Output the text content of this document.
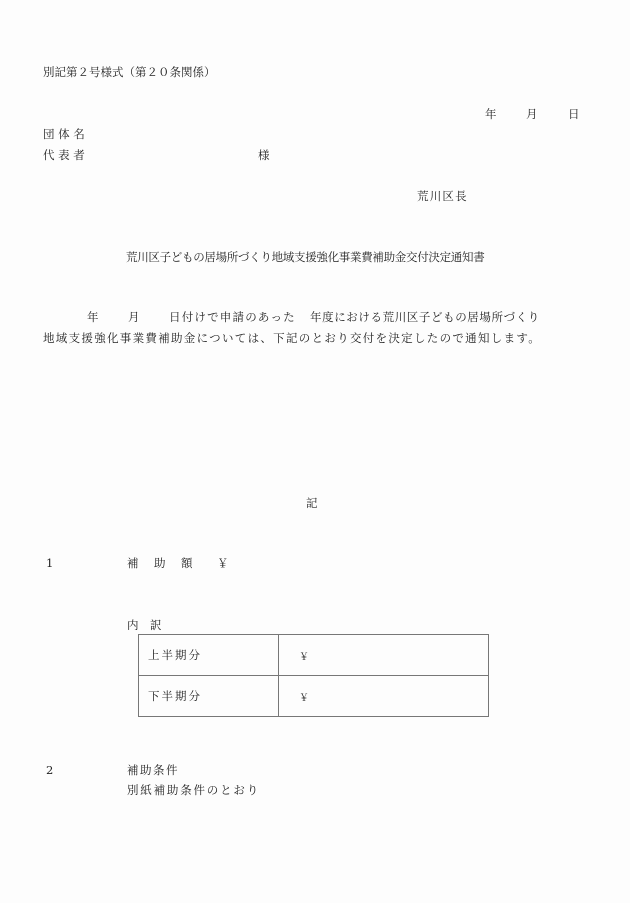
別記第２号様式（第２０条関係）
年	月	日
団 体 名
代 表 者	様
荒川区長
荒川区子どもの居場所づくり地域支援強化事業費補助金交付決定通知書
年	月	日付けで申請のあった 年度における荒川区子どもの居場所づくり
地域支援強化事業費補助金については、下記のとおり交付を決定したので通知します。
記
1	補　助　額 ￥
内　訳
上半期分	￥
下半期分	￥
2	補助条件
別紙補助条件のとおり
